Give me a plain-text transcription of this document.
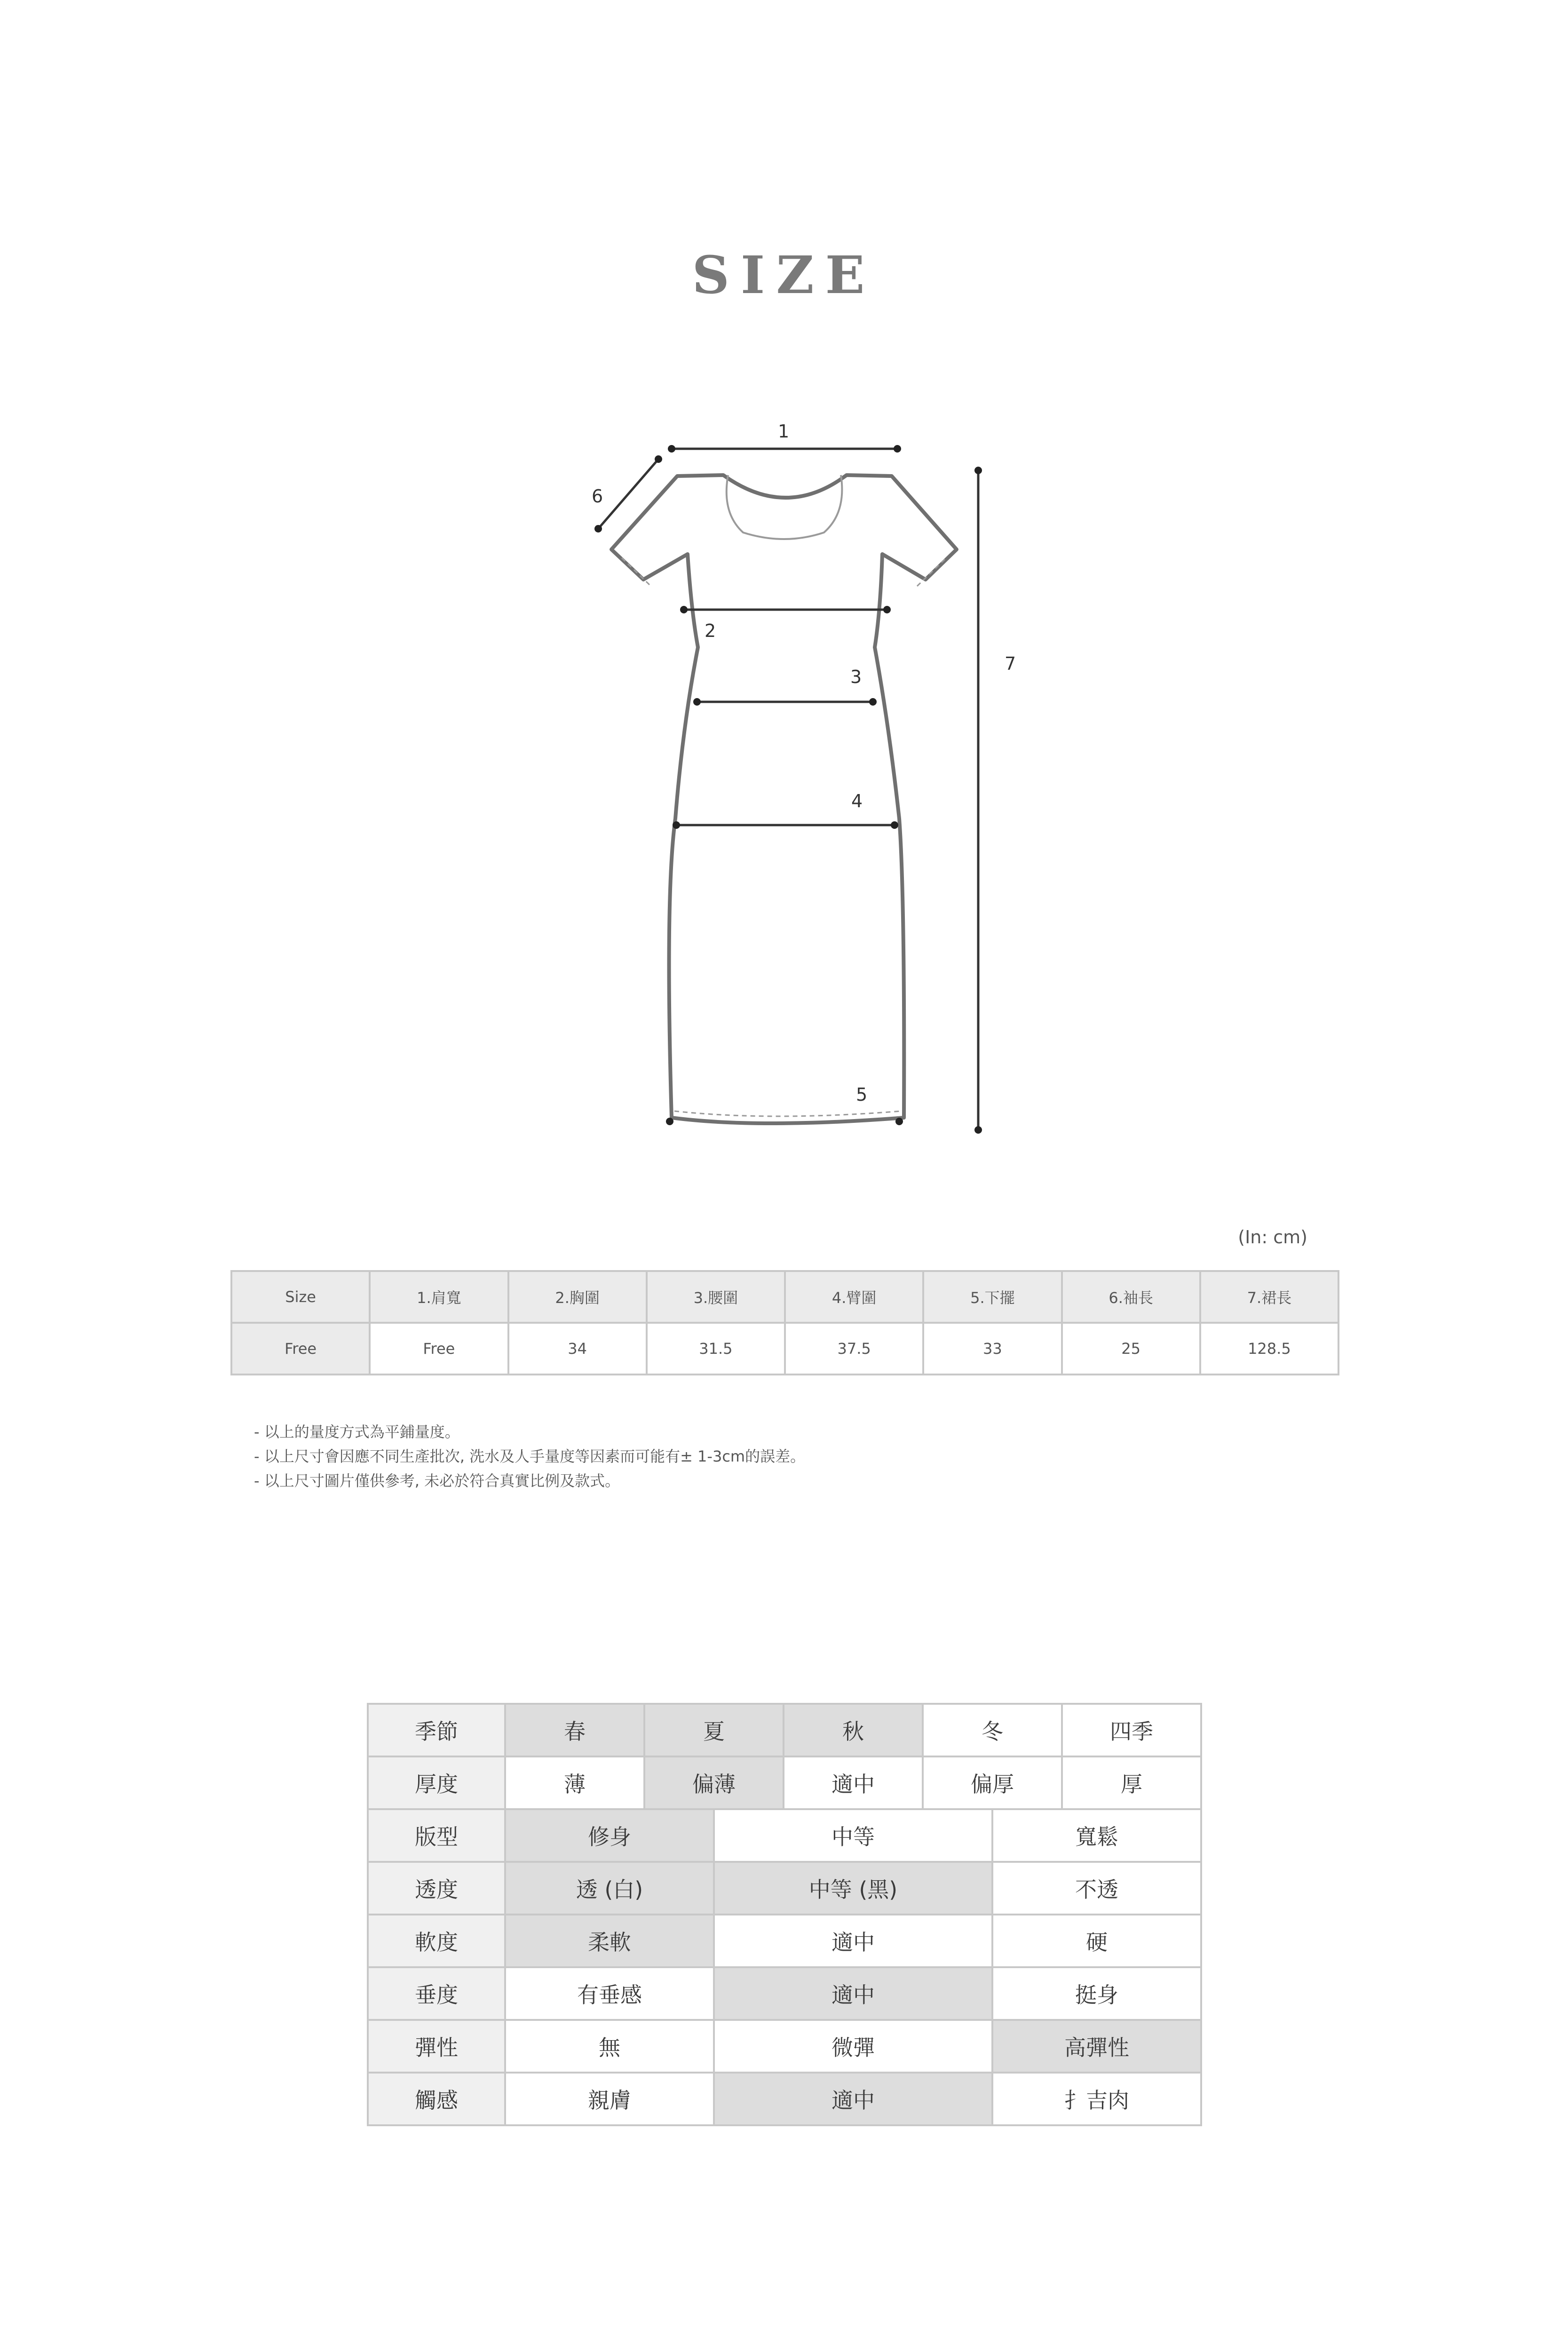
SIZE
1
6
2
3
4
5
7
(In: cm)
Size	1.肩寬	2.胸圍	3.腰圍	4.臂圍	5.下擺	6.袖長	7.裙長
Free	Free	34	31.5	37.5	33	25	128.5
- 以上的量度方式為平鋪量度。
- 以上尺寸會因應不同生產批次, 洗水及人手量度等因素而可能有± 1-3cm的誤差。
- 以上尺寸圖片僅供參考, 未必於符合真實比例及款式。
季節	春	夏		秋	冬		四季
厚度	薄	偏薄		適中	偏厚		厚
版型	修身		中等			寬鬆	
透度	透 (白)		中等 (黑)			不透	
軟度	柔軟		適中			硬	
垂度	有垂感		適中			挺身	
彈性	無		微彈			高彈性	
觸感	親膚		適中			扌吉肉	
